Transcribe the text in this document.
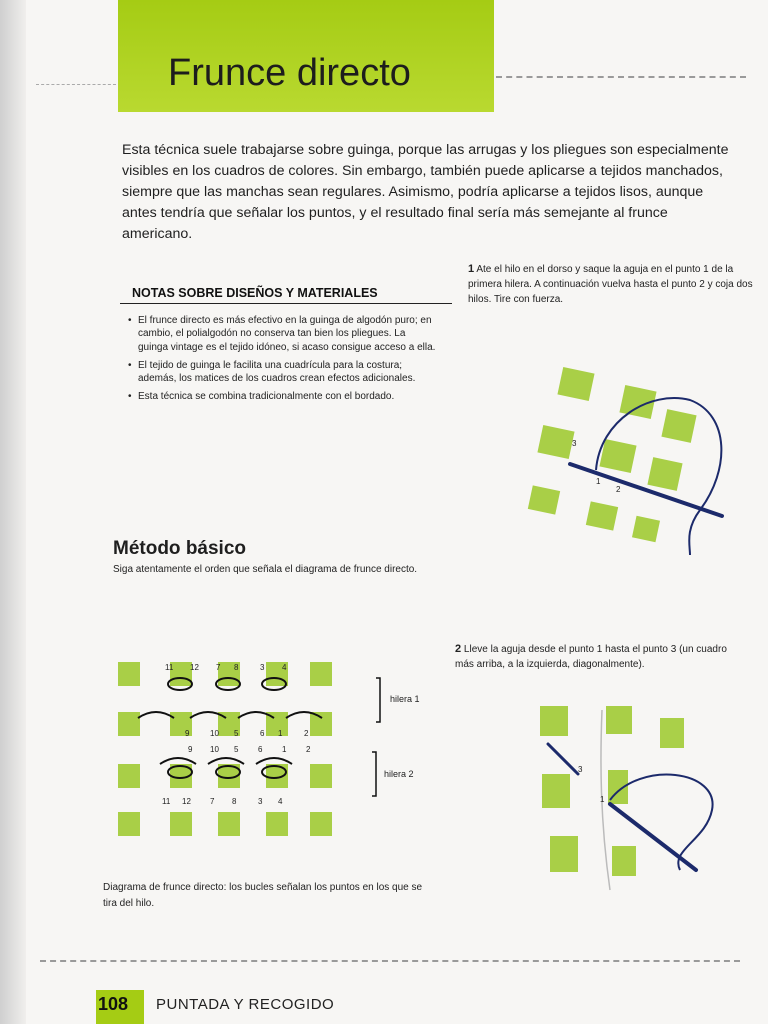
Frunce directo
Esta técnica suele trabajarse sobre guinga, porque las arrugas y los pliegues son especialmente visibles en los cuadros de colores. Sin embargo, también puede aplicarse a tejidos manchados, siempre que las manchas sean regulares. Asimismo, podría aplicarse a tejidos lisos, aunque antes tendría que señalar los puntos, y el resultado final sería más semejante al frunce americano.
NOTAS SOBRE DISEÑOS Y MATERIALES
• El frunce directo es más efectivo en la guinga de algodón puro; en cambio, el polialgodón no conserva tan bien los pliegues. La guinga vintage es el tejido idóneo, si acaso consigue acceso a ella.
• El tejido de guinga le facilita una cuadrícula para la costura; además, los matices de los cuadros crean efectos adicionales.
• Esta técnica se combina tradicionalmente con el bordado.
1 Ate el hilo en el dorso y saque la aguja en el punto 1 de la primera hilera. A continuación vuelva hasta el punto 2 y coja dos hilos. Tire con fuerza.
3
1
2
Método básico
Siga atentamente el orden que señala el diagrama de frunce directo.
11 12 7 8	3 4
9	10 5	6 1	2
9 10 5 6 1 2
11 12 7 8	3 4
hilera 1
hilera 2
Diagrama de frunce directo: los bucles señalan los puntos en los que se tira del hilo.
2 Lleve la aguja desde el punto 1 hasta el punto 3 (un cuadro más arriba, a la izquierda, diagonalmente).
3
1
108 PUNTADA Y RECOGIDO
